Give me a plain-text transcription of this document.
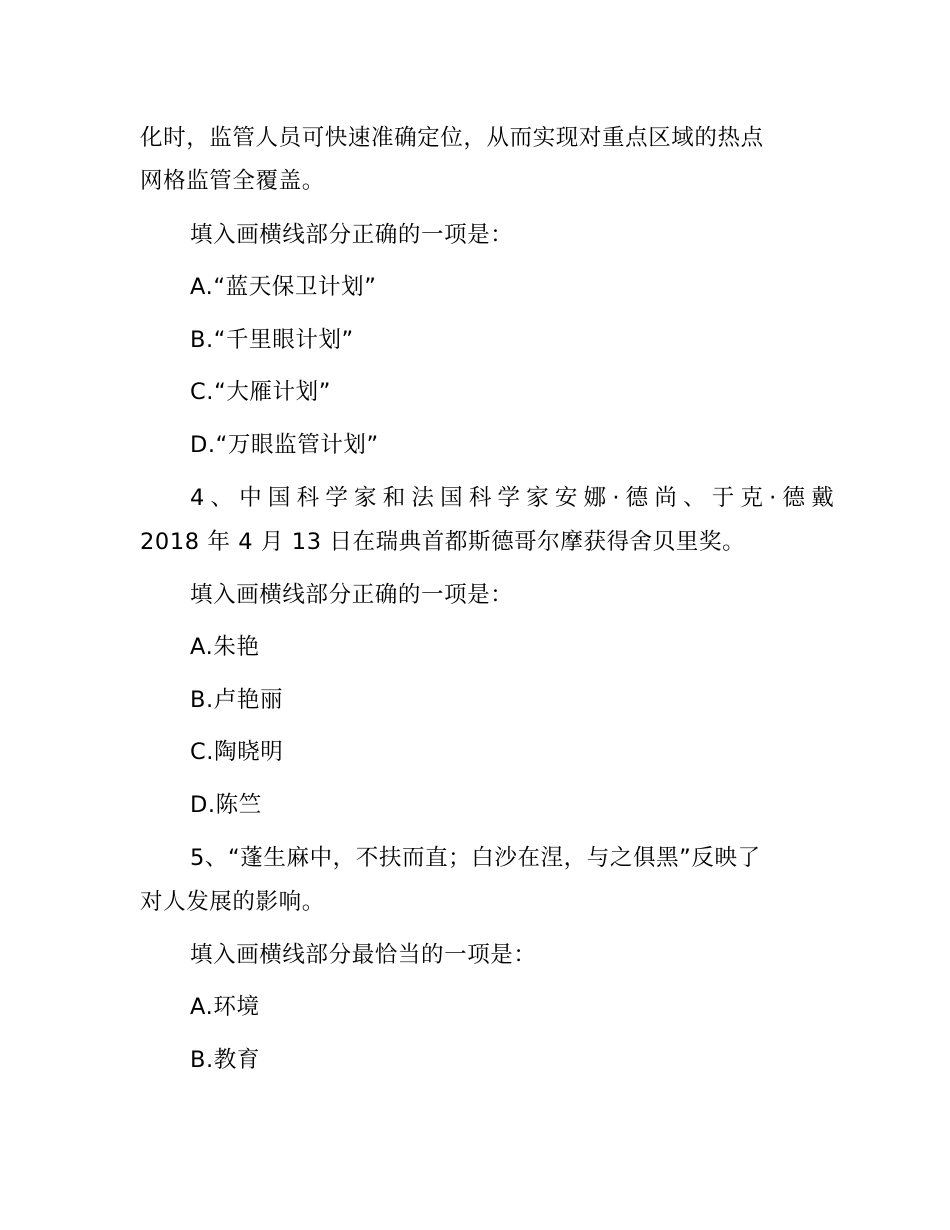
化时，监管人员可快速准确定位，从而实现对重点区域的热点
网格监管全覆盖。
填入画横线部分正确的一项是：
A.“蓝天保卫计划”
B.“千里眼计划”
C.“大雁计划”
D.“万眼监管计划”
4、中国科学家和法国科学家安娜·德尚、于克·德戴
2018 年 4 月 13 日在瑞典首都斯德哥尔摩获得舍贝里奖。
填入画横线部分正确的一项是：
A.朱艳
B.卢艳丽
C.陶晓明
D.陈竺
5、“蓬生麻中，不扶而直；白沙在涅，与之俱黑”反映了
对人发展的影响。
填入画横线部分最恰当的一项是：
A.环境
B.教育
